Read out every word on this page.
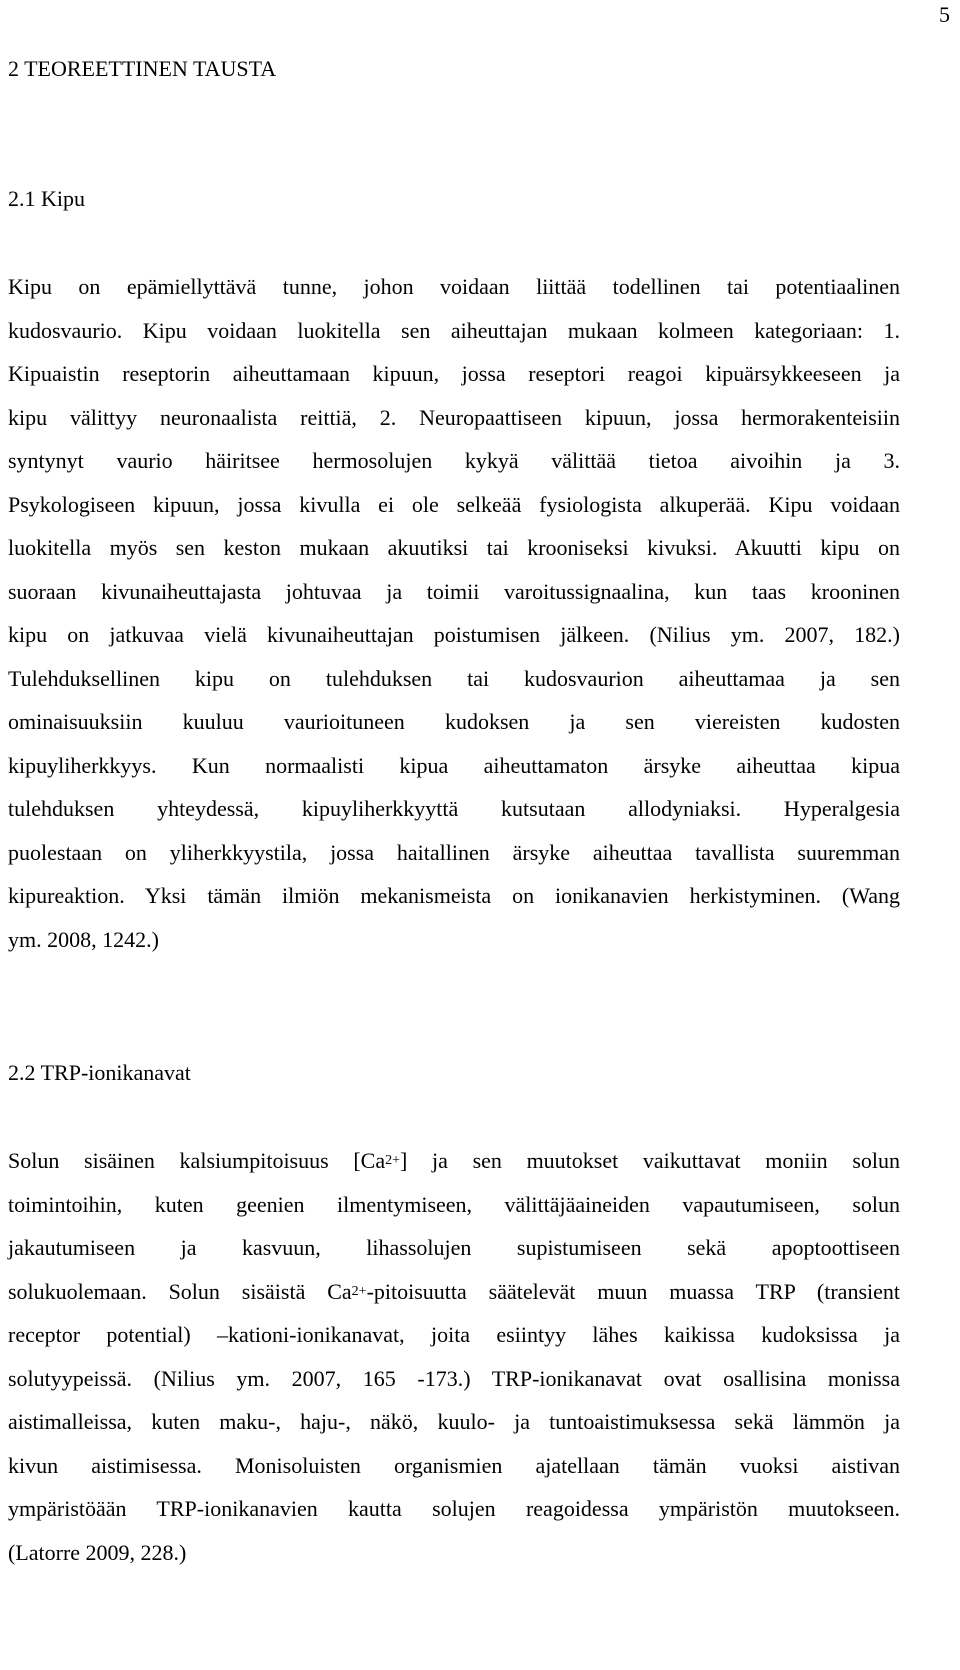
5
2 TEOREETTINEN TAUSTA
2.1 Kipu
Kipu on epämiellyttävä tunne, johon voidaan liittää todellinen tai potentiaalinen
kudosvaurio. Kipu voidaan luokitella sen aiheuttajan mukaan kolmeen kategoriaan: 1.
Kipuaistin reseptorin aiheuttamaan kipuun, jossa reseptori reagoi kipuärsykkeeseen ja
kipu välittyy neuronaalista reittiä, 2. Neuropaattiseen kipuun, jossa hermorakenteisiin
syntynyt vaurio häiritsee hermosolujen kykyä välittää tietoa aivoihin ja 3.
Psykologiseen kipuun, jossa kivulla ei ole selkeää fysiologista alkuperää. Kipu voidaan
luokitella myös sen keston mukaan akuutiksi tai krooniseksi kivuksi. Akuutti kipu on
suoraan kivunaiheuttajasta johtuvaa ja toimii varoitussignaalina, kun taas krooninen
kipu on jatkuvaa vielä kivunaiheuttajan poistumisen jälkeen. (Nilius ym. 2007, 182.)
Tulehduksellinen kipu on tulehduksen tai kudosvaurion aiheuttamaa ja sen
ominaisuuksiin kuuluu vaurioituneen kudoksen ja sen viereisten kudosten
kipuyliherkkyys. Kun normaalisti kipua aiheuttamaton ärsyke aiheuttaa kipua
tulehduksen yhteydessä, kipuyliherkkyyttä kutsutaan allodyniaksi. Hyperalgesia
puolestaan on yliherkkyystila, jossa haitallinen ärsyke aiheuttaa tavallista suuremman
kipureaktion. Yksi tämän ilmiön mekanismeista on ionikanavien herkistyminen. (Wang
ym. 2008, 1242.)
2.2 TRP-ionikanavat
Solun sisäinen kalsiumpitoisuus $[Ca^{2+}]$ ja sen muutokset vaikuttavat moniin solun
toimintoihin, kuten geenien ilmentymiseen, välittäjäaineiden vapautumiseen, solun
jakautumiseen ja kasvuun, lihassolujen supistumiseen sekä apoptoottiseen
solukuolemaan. Solun sisäistä $Ca^{2+}$-pitoisuutta säätelevät muun muassa TRP (transient
receptor potential) –kationi-ionikanavat, joita esiintyy lähes kaikissa kudoksissa ja
solutyypeissä. (Nilius ym. 2007, 165 -173.) TRP-ionikanavat ovat osallisina monissa
aistimalleissa, kuten maku-, haju-, näkö, kuulo- ja tuntoaistimuksessa sekä lämmön ja
kivun aistimisessa. Monisoluisten organismien ajatellaan tämän vuoksi aistivan
ympäristöään TRP-ionikanavien kautta solujen reagoidessa ympäristön muutokseen.
(Latorre 2009, 228.)
